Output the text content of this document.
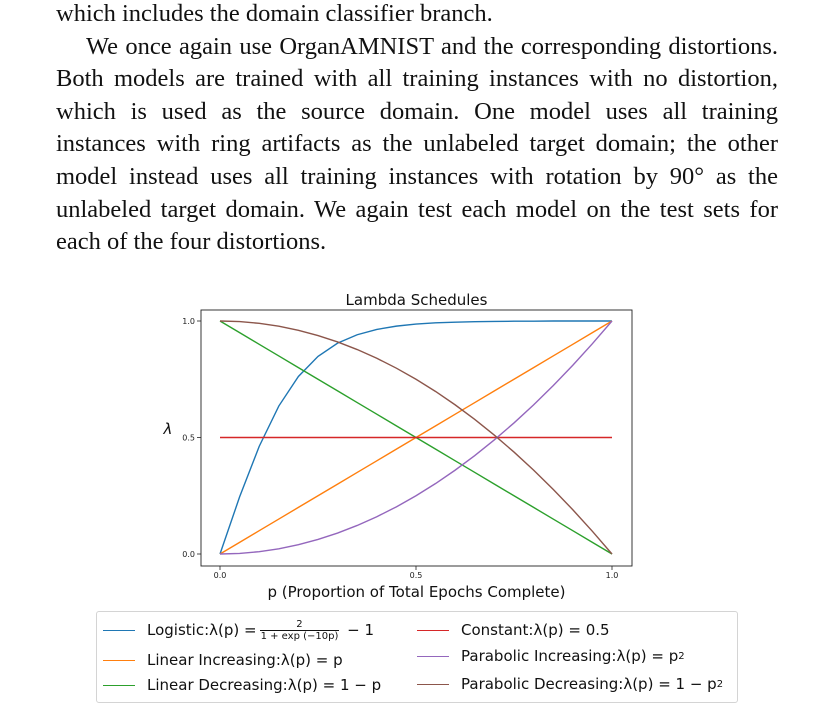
which includes the domain classifier branch.

We once again use OrganAMNIST and the corresponding distortions. Both models are trained with all training instances with no distortion, which is used as the source domain. One model uses all training instances with ring artifacts as the unlabeled target domain; the other model instead uses all training instances with rotation by 90° as the unlabeled target domain. We again test each model on the test sets for each of the four distortions.

Lambda Schedules
0.0	0.5	1.0
0.0
0.5
1.0
p (Proportion of Total Epochs Complete)
λ
Logistic: $\lambda(p) = \frac{2}{1 + \exp (-10p)} - 1$
Linear Increasing: λ(p) = p
Linear Decreasing: λ(p) = 1 − p
Constant: λ(p) = 0.5
Parabolic Increasing: λ(p) = p 2
Parabolic Decreasing: λ(p) = 1 − p 2
